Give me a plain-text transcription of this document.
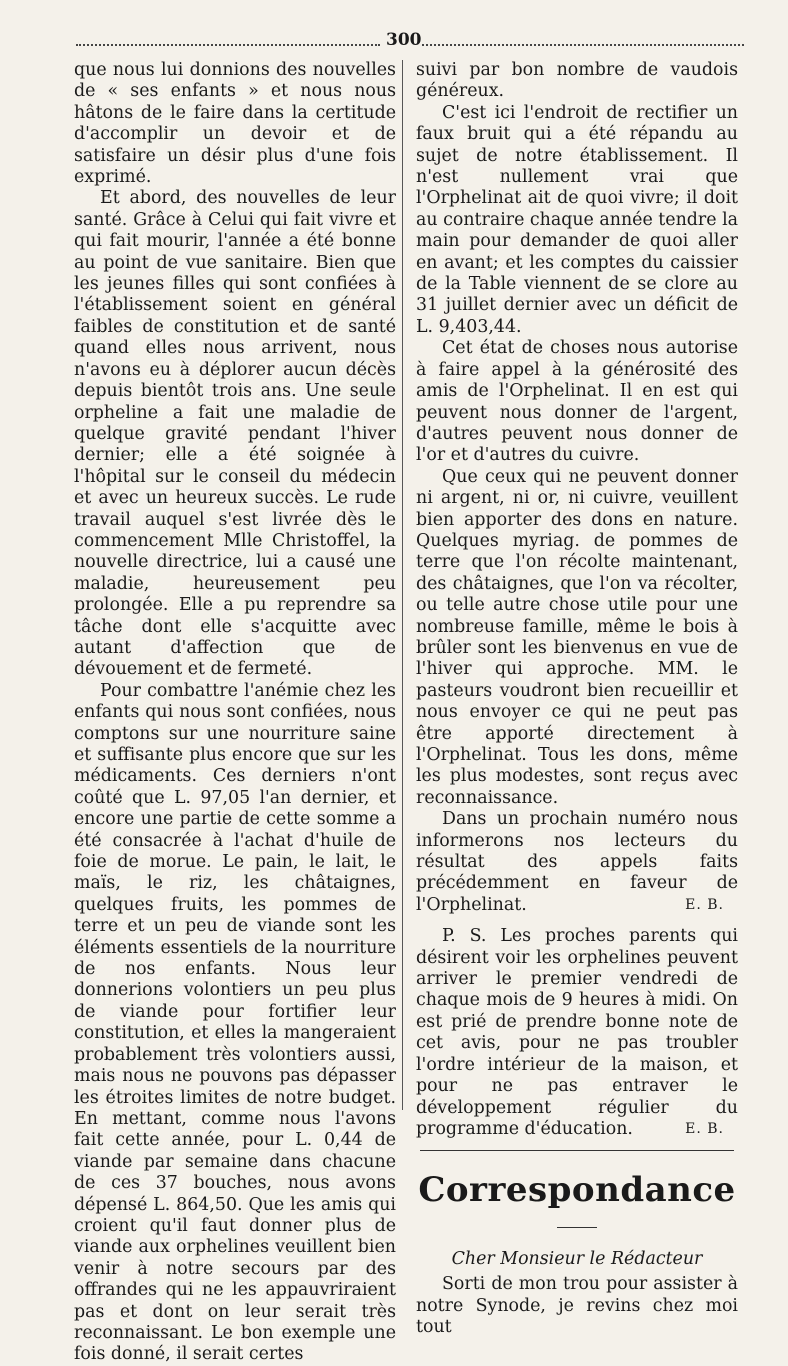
300

que nous lui donnions des nouvelles de « ses enfants » et nous nous hâtons de le faire dans la certitude d'accomplir un devoir et de satisfaire un désir plus d'une fois exprimé.

Et abord, des nouvelles de leur santé. Grâce à Celui qui fait vivre et qui fait mourir, l'année a été bonne au point de vue sanitaire. Bien que les jeunes filles qui sont confiées à l'établissement soient en général faibles de constitution et de santé quand elles nous arrivent, nous n'avons eu à déplorer aucun décès depuis bientôt trois ans. Une seule orpheline a fait une maladie de quelque gravité pendant l'hiver dernier; elle a été soignée à l'hôpital sur le conseil du médecin et avec un heureux succès. Le rude travail auquel s'est livrée dès le commencement Mlle Christoffel, la nouvelle directrice, lui a causé une maladie, heureusement peu prolongée. Elle a pu reprendre sa tâche dont elle s'acquitte avec autant d'affection que de dévouement et de fermeté.

Pour combattre l'anémie chez les enfants qui nous sont confiées, nous comptons sur une nourriture saine et suffisante plus encore que sur les médicaments. Ces derniers n'ont coûté que L. 97,05 l'an dernier, et encore une partie de cette somme a été consacrée à l'achat d'huile de foie de morue. Le pain, le lait, le maïs, le riz, les châtaignes, quelques fruits, les pommes de terre et un peu de viande sont les éléments essentiels de la nourriture de nos enfants. Nous leur donnerions volontiers un peu plus de viande pour fortifier leur constitution, et elles la mangeraient probablement très volontiers aussi, mais nous ne pouvons pas dépasser les étroites limites de notre budget. En mettant, comme nous l'avons fait cette année, pour L. 0,44 de viande par semaine dans chacune de ces 37 bouches, nous avons dépensé L. 864,50. Que les amis qui croient qu'il faut donner plus de viande aux orphelines veuillent bien venir à notre secours par des offrandes qui ne les appauvriraient pas et dont on leur serait très reconnaissant. Le bon exemple une fois donné, il serait certes

suivi par bon nombre de vaudois généreux.

C'est ici l'endroit de rectifier un faux bruit qui a été répandu au sujet de notre établissement. Il n'est nullement vrai que l'Orphelinat ait de quoi vivre; il doit au contraire chaque année tendre la main pour demander de quoi aller en avant; et les comptes du caissier de la Table viennent de se clore au 31 juillet dernier avec un déficit de L. 9,403,44.

Cet état de choses nous autorise à faire appel à la générosité des amis de l'Orphelinat. Il en est qui peuvent nous donner de l'argent, d'autres peuvent nous donner de l'or et d'autres du cuivre.

Que ceux qui ne peuvent donner ni argent, ni or, ni cuivre, veuillent bien apporter des dons en nature. Quelques myriag. de pommes de terre que l'on récolte maintenant, des châtaignes, que l'on va récolter, ou telle autre chose utile pour une nombreuse famille, même le bois à brûler sont les bienvenus en vue de l'hiver qui approche. MM. le pasteurs voudront bien recueillir et nous envoyer ce qui ne peut pas être apporté directement à l'Orphelinat. Tous les dons, même les plus modestes, sont reçus avec reconnaissance.

Dans un prochain numéro nous informerons nos lecteurs du résultat des appels faits précédemment en faveur de l'Orphelinat.	E. B.

P. S. Les proches parents qui désirent voir les orphelines peuvent arriver le premier vendredi de chaque mois de 9 heures à midi. On est prié de prendre bonne note de cet avis, pour ne pas troubler l'ordre intérieur de la maison, et pour ne pas entraver le développement régulier du programme d'éducation.	E. B.

Correspondance

Cher Monsieur le Rédacteur

Sorti de mon trou pour assister à notre Synode, je revins chez moi tout
